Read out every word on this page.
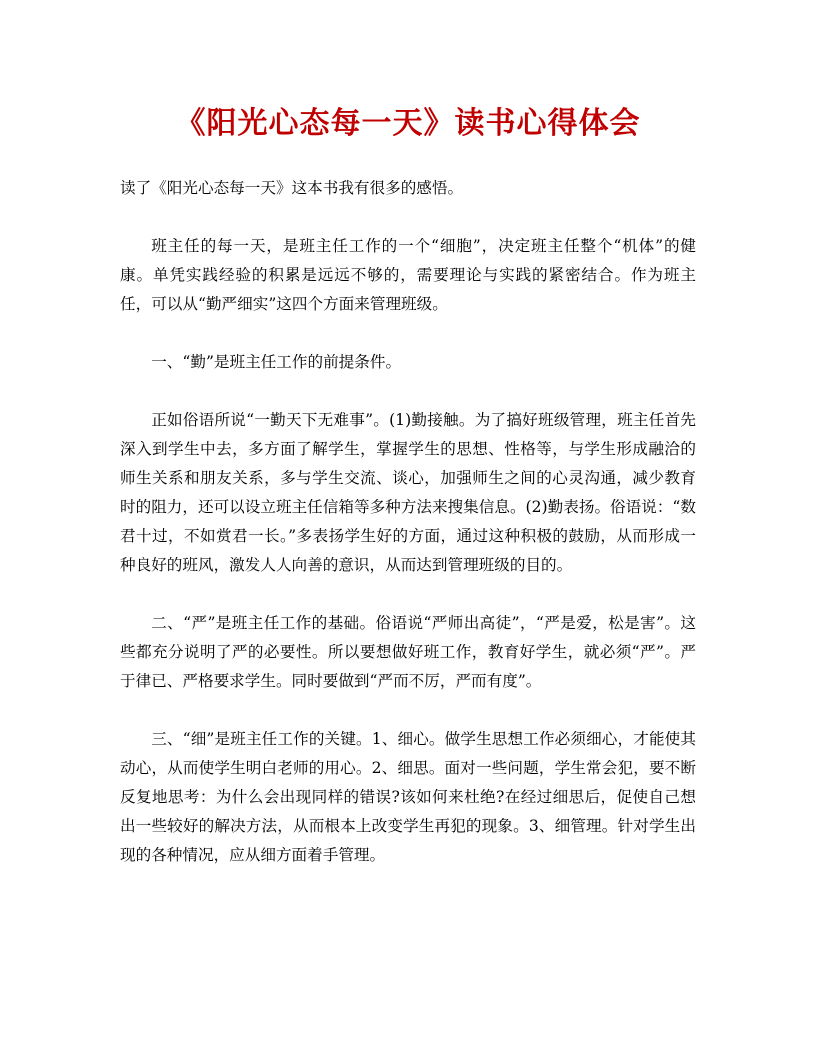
《阳光心态每一天》读书心得体会

读了《阳光心态每一天》这本书我有很多的感悟。

班主任的每一天，是班主任工作的一个“细胞”，决定班主任整个“机体”的健康。单凭实践经验的积累是远远不够的，需要理论与实践的紧密结合。作为班主任，可以从“勤严细实”这四个方面来管理班级。

一、“勤”是班主任工作的前提条件。

正如俗语所说“一勤天下无难事”。(1)勤接触。为了搞好班级管理，班主任首先深入到学生中去，多方面了解学生，掌握学生的思想、性格等，与学生形成融洽的师生关系和朋友关系，多与学生交流、谈心，加强师生之间的心灵沟通，减少教育时的阻力，还可以设立班主任信箱等多种方法来搜集信息。(2)勤表扬。俗语说：“数君十过，不如赏君一长。”多表扬学生好的方面，通过这种积极的鼓励，从而形成一种良好的班风，激发人人向善的意识，从而达到管理班级的目的。

二、“严”是班主任工作的基础。俗语说“严师出高徒”，“严是爱，松是害”。这些都充分说明了严的必要性。所以要想做好班工作，教育好学生，就必须“严”。严于律已、严格要求学生。同时要做到“严而不厉，严而有度”。

三、“细”是班主任工作的关键。1、细心。做学生思想工作必须细心，才能使其动心，从而使学生明白老师的用心。2、细思。面对一些问题，学生常会犯，要不断反复地思考：为什么会出现同样的错误?该如何来杜绝?在经过细思后，促使自己想出一些较好的解决方法，从而根本上改变学生再犯的现象。3、细管理。针对学生出现的各种情况，应从细方面着手管理。
